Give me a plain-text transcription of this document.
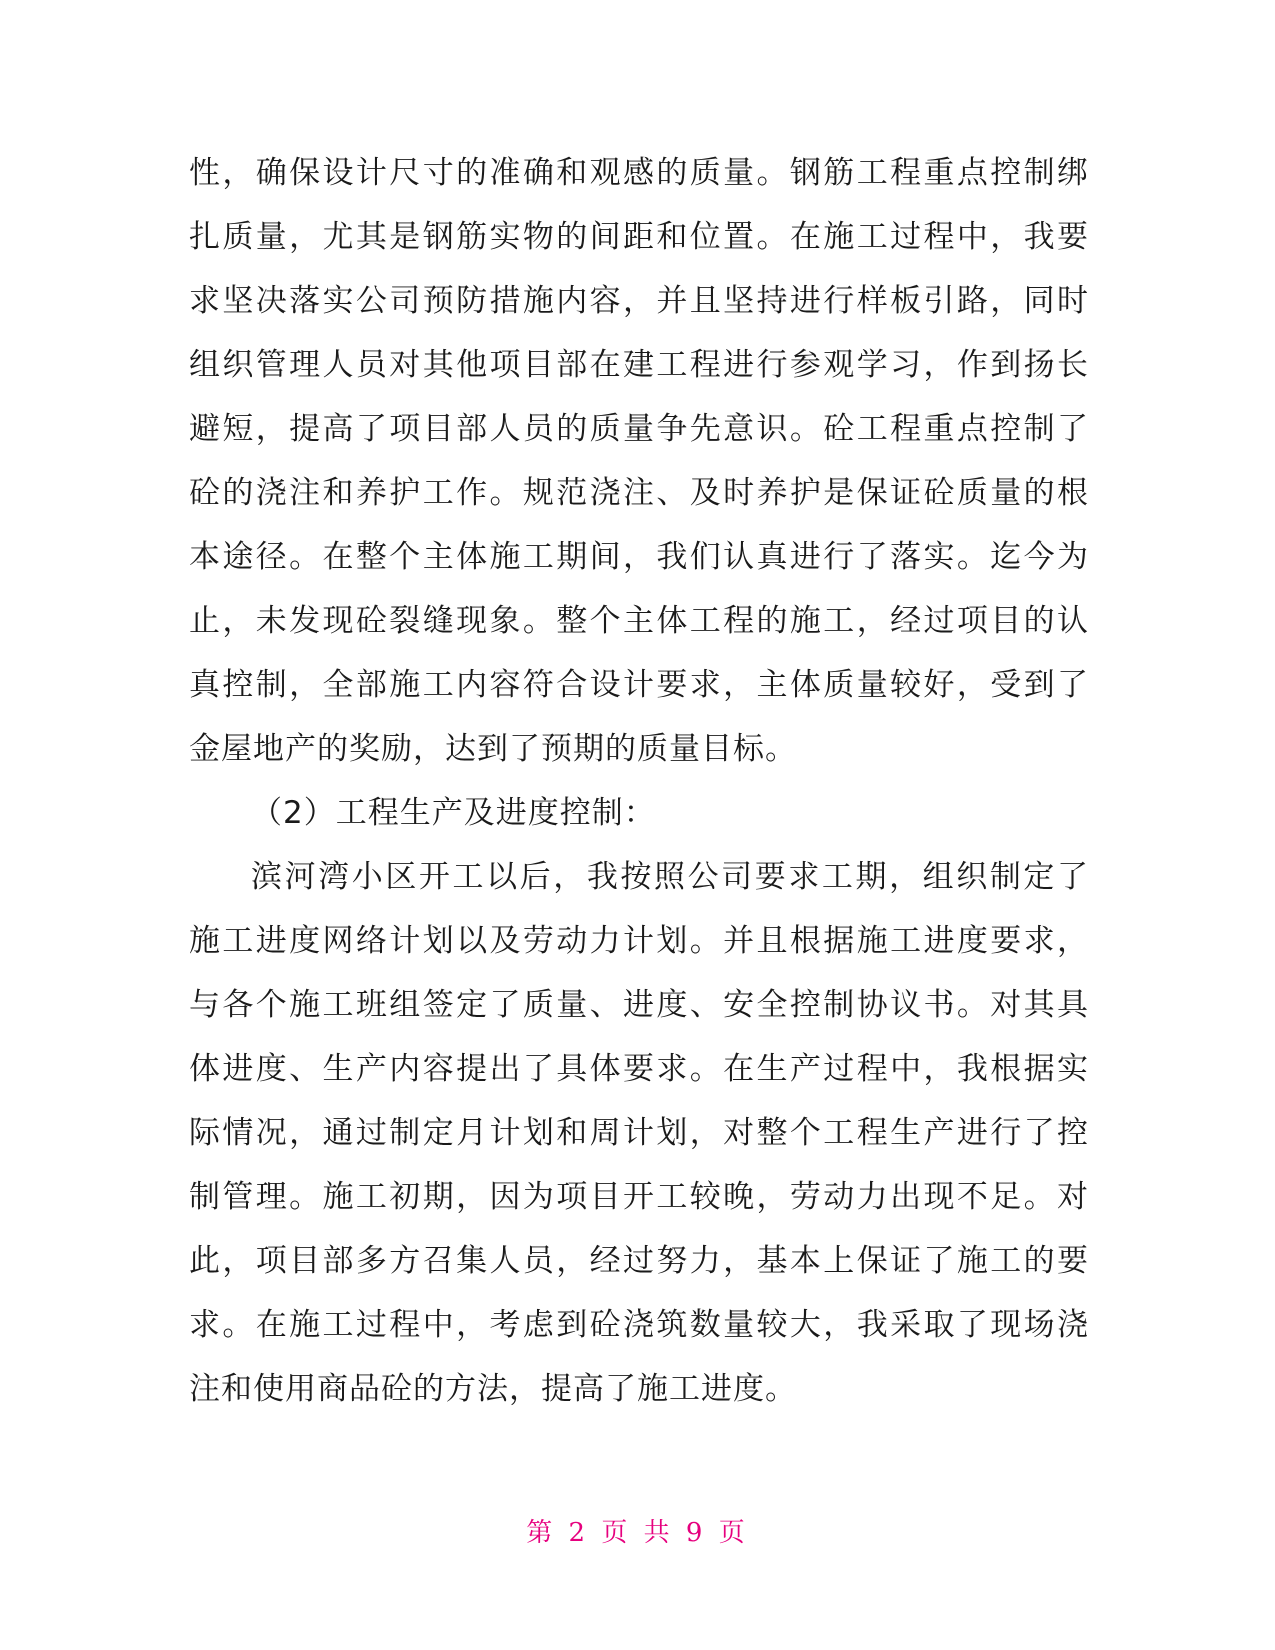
性，确保设计尺寸的准确和观感的质量。钢筋工程重点控制绑
扎质量，尤其是钢筋实物的间距和位置。在施工过程中，我要
求坚决落实公司预防措施内容，并且坚持进行样板引路，同时
组织管理人员对其他项目部在建工程进行参观学习，作到扬长
避短，提高了项目部人员的质量争先意识。砼工程重点控制了
砼的浇注和养护工作。规范浇注、及时养护是保证砼质量的根
本途径。在整个主体施工期间，我们认真进行了落实。迄今为
止，未发现砼裂缝现象。整个主体工程的施工，经过项目的认
真控制，全部施工内容符合设计要求，主体质量较好，受到了
金屋地产的奖励，达到了预期的质量目标。
（2）工程生产及进度控制：
滨河湾小区开工以后，我按照公司要求工期，组织制定了
施工进度网络计划以及劳动力计划。并且根据施工进度要求，
与各个施工班组签定了质量、进度、安全控制协议书。对其具
体进度、生产内容提出了具体要求。在生产过程中，我根据实
际情况，通过制定月计划和周计划，对整个工程生产进行了控
制管理。施工初期，因为项目开工较晚，劳动力出现不足。对
此，项目部多方召集人员，经过努力，基本上保证了施工的要
求。在施工过程中，考虑到砼浇筑数量较大，我采取了现场浇
注和使用商品砼的方法，提高了施工进度。
第 2 页 共 9 页
